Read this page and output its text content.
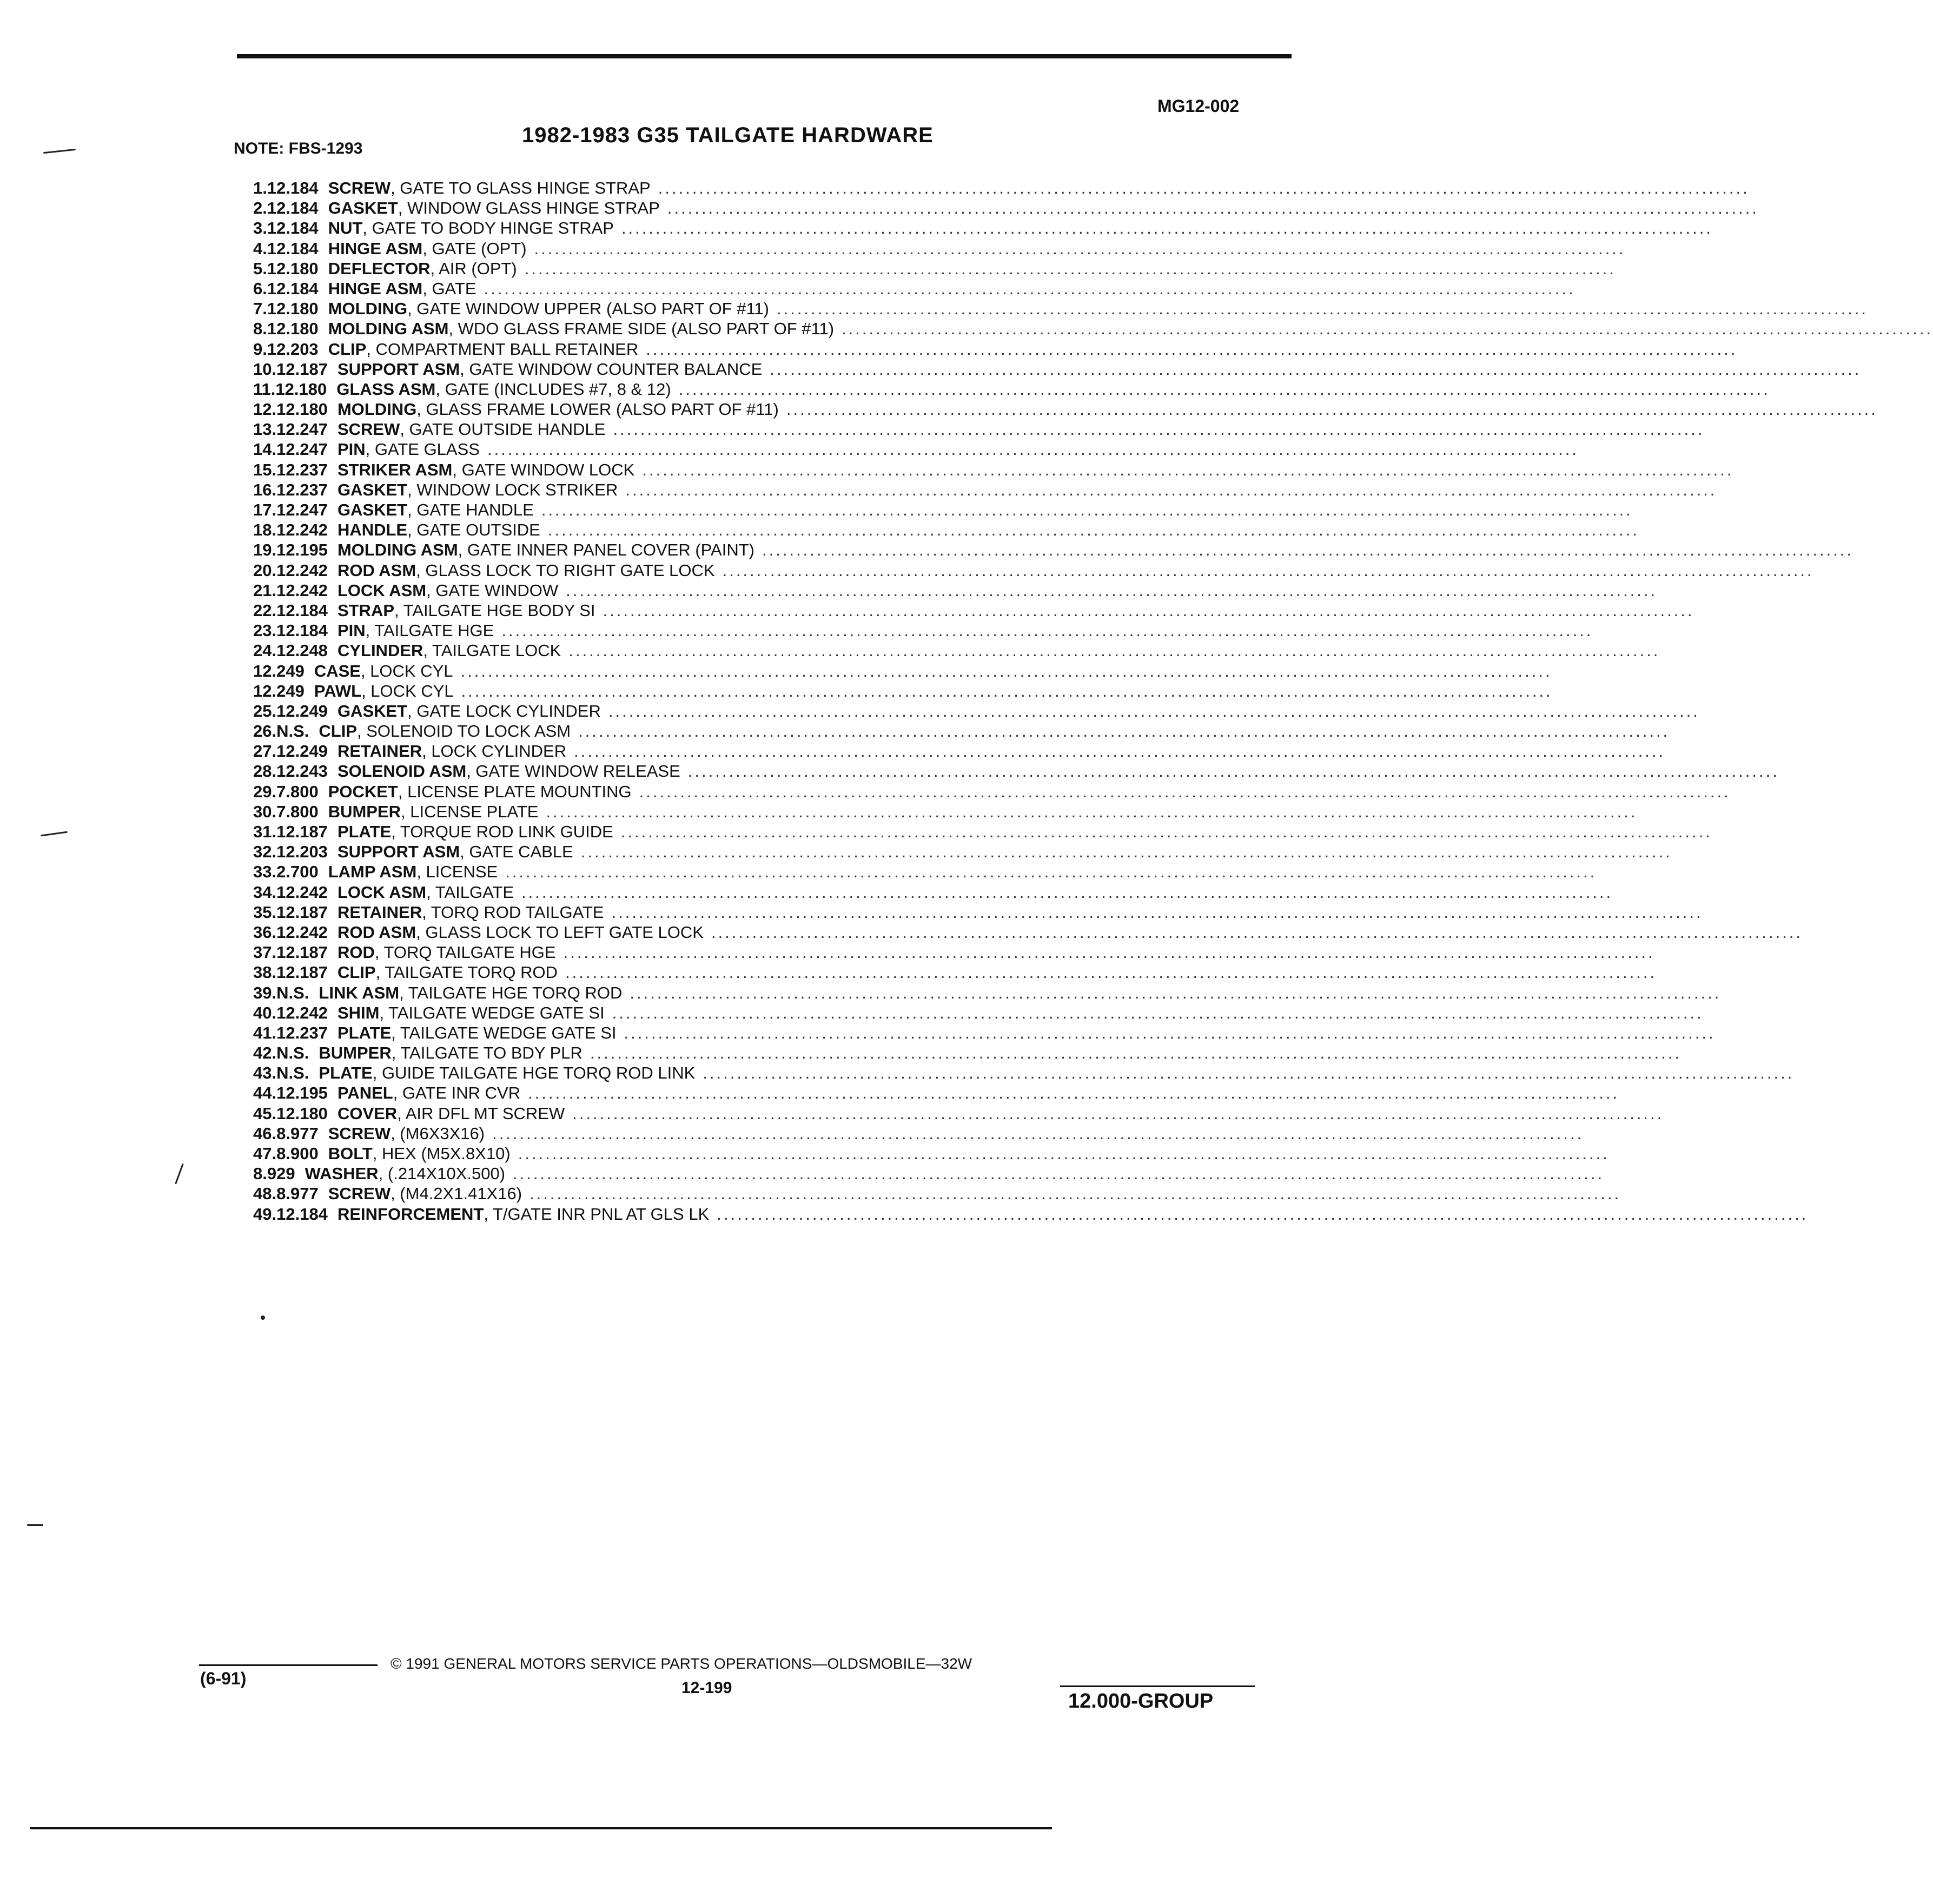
MG12-002
1982-1983 G35 TAILGATE HARDWARE
NOTE: FBS-1293
1. 12.184 SCREW , GATE TO GLASS HINGE STRAP ................................................................................................................................................................
2. 12.184 GASKET , WINDOW GLASS HINGE STRAP ................................................................................................................................................................
3. 12.184 NUT , GATE TO BODY HINGE STRAP ................................................................................................................................................................
4. 12.184 HINGE ASM , GATE (OPT) ................................................................................................................................................................
5. 12.180 DEFLECTOR , AIR (OPT) ................................................................................................................................................................
6. 12.184 HINGE ASM , GATE ................................................................................................................................................................
7. 12.180 MOLDING , GATE WINDOW UPPER (ALSO PART OF #11) ................................................................................................................................................................
8. 12.180 MOLDING ASM , WDO GLASS FRAME SIDE (ALSO PART OF #11) ................................................................................................................................................................
9. 12.203 CLIP , COMPARTMENT BALL RETAINER ................................................................................................................................................................
10. 12.187 SUPPORT ASM , GATE WINDOW COUNTER BALANCE ................................................................................................................................................................
11. 12.180 GLASS ASM , GATE (INCLUDES #7, 8 & 12) ................................................................................................................................................................
12. 12.180 MOLDING , GLASS FRAME LOWER (ALSO PART OF #11) ................................................................................................................................................................
13. 12.247 SCREW , GATE OUTSIDE HANDLE ................................................................................................................................................................
14. 12.247 PIN , GATE GLASS ................................................................................................................................................................
15. 12.237 STRIKER ASM , GATE WINDOW LOCK ................................................................................................................................................................
16. 12.237 GASKET , WINDOW LOCK STRIKER ................................................................................................................................................................
17. 12.247 GASKET , GATE HANDLE ................................................................................................................................................................
18. 12.242 HANDLE , GATE OUTSIDE ................................................................................................................................................................
19. 12.195 MOLDING ASM , GATE INNER PANEL COVER (PAINT) ................................................................................................................................................................
20. 12.242 ROD ASM , GLASS LOCK TO RIGHT GATE LOCK ................................................................................................................................................................
21. 12.242 LOCK ASM , GATE WINDOW ................................................................................................................................................................
22. 12.184 STRAP , TAILGATE HGE BODY SI ................................................................................................................................................................
23. 12.184 PIN , TAILGATE HGE ................................................................................................................................................................
24. 12.248 CYLINDER , TAILGATE LOCK ................................................................................................................................................................
12.249 CASE , LOCK CYL ................................................................................................................................................................
12.249 PAWL , LOCK CYL ................................................................................................................................................................
25. 12.249 GASKET , GATE LOCK CYLINDER ................................................................................................................................................................
26. N.S. CLIP , SOLENOID TO LOCK ASM ................................................................................................................................................................
27. 12.249 RETAINER , LOCK CYLINDER ................................................................................................................................................................
28. 12.243 SOLENOID ASM , GATE WINDOW RELEASE ................................................................................................................................................................
29. 7.800 POCKET , LICENSE PLATE MOUNTING ................................................................................................................................................................
30. 7.800 BUMPER , LICENSE PLATE ................................................................................................................................................................
31. 12.187 PLATE , TORQUE ROD LINK GUIDE ................................................................................................................................................................
32. 12.203 SUPPORT ASM , GATE CABLE ................................................................................................................................................................
33. 2.700 LAMP ASM , LICENSE ................................................................................................................................................................
34. 12.242 LOCK ASM , TAILGATE ................................................................................................................................................................
35. 12.187 RETAINER , TORQ ROD TAILGATE ................................................................................................................................................................
36. 12.242 ROD ASM , GLASS LOCK TO LEFT GATE LOCK ................................................................................................................................................................
37. 12.187 ROD , TORQ TAILGATE HGE ................................................................................................................................................................
38. 12.187 CLIP , TAILGATE TORQ ROD ................................................................................................................................................................
39. N.S. LINK ASM , TAILGATE HGE TORQ ROD ................................................................................................................................................................
40. 12.242 SHIM , TAILGATE WEDGE GATE SI ................................................................................................................................................................
41. 12.237 PLATE , TAILGATE WEDGE GATE SI ................................................................................................................................................................
42. N.S. BUMPER , TAILGATE TO BDY PLR ................................................................................................................................................................
43. N.S. PLATE , GUIDE TAILGATE HGE TORQ ROD LINK ................................................................................................................................................................
44. 12.195 PANEL , GATE INR CVR ................................................................................................................................................................
45. 12.180 COVER , AIR DFL MT SCREW ................................................................................................................................................................
46. 8.977 SCREW , (M6X3X16) ................................................................................................................................................................
47. 8.900 BOLT , HEX (M5X.8X10) ................................................................................................................................................................
8.929 WASHER , (.214X10X.500) ................................................................................................................................................................
48. 8.977 SCREW , (M4.2X1.41X16) ................................................................................................................................................................
49. 12.184 REINFORCEMENT , T/GATE INR PNL AT GLS LK ................................................................................................................................................................
(6-91)
© 1991 GENERAL MOTORS SERVICE PARTS OPERATIONS—OLDSMOBILE—32W
12-199
12.000-GROUP
